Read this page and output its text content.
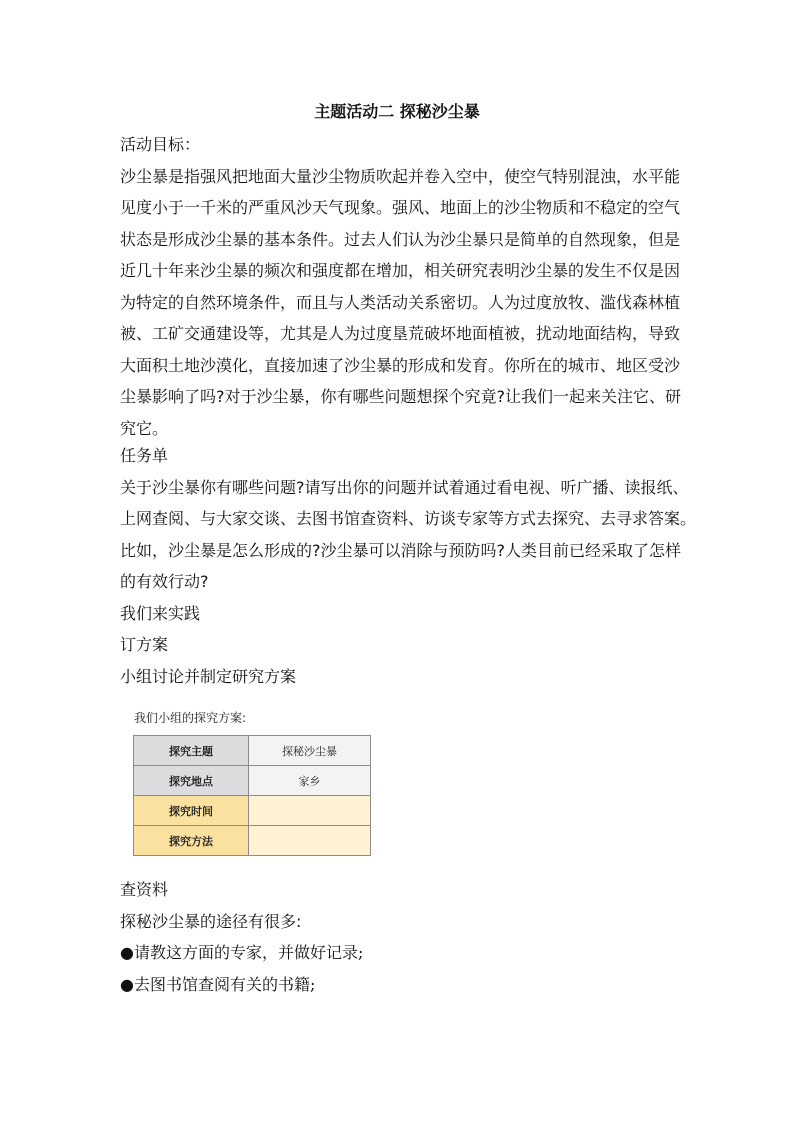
主题活动二 探秘沙尘暴
活动目标：
沙尘暴是指强风把地面大量沙尘物质吹起并卷入空中，使空气特别混浊，水平能
见度小于一千米的严重风沙天气现象。强风、地面上的沙尘物质和不稳定的空气
状态是形成沙尘暴的基本条件。过去人们认为沙尘暴只是简单的自然现象，但是
近几十年来沙尘暴的频次和强度都在增加，相关研究表明沙尘暴的发生不仅是因
为特定的自然环境条件，而且与人类活动关系密切。人为过度放牧、滥伐森林植
被、工矿交通建设等，尤其是人为过度垦荒破坏地面植被，扰动地面结构，导致
大面积土地沙漠化，直接加速了沙尘暴的形成和发育。你所在的城市、地区受沙
尘暴影响了吗?对于沙尘暴，你有哪些问题想探个究竟?让我们一起来关注它、研
究它。
任务单
关于沙尘暴你有哪些问题?请写出你的问题并试着通过看电视、听广播、读报纸、
上网查阅、与大家交谈、去图书馆查资料、访谈专家等方式去探究、去寻求答案。
比如，沙尘暴是怎么形成的?沙尘暴可以消除与预防吗?人类目前已经采取了怎样
的有效行动?
我们来实践
订方案
小组讨论并制定研究方案
我们小组的探究方案:
探究主题	探秘沙尘暴
探究地点	家乡
探究时间	
探究方法	
查资料
探秘沙尘暴的途径有很多:
●请教这方面的专家，并做好记录;
●去图书馆查阅有关的书籍;
